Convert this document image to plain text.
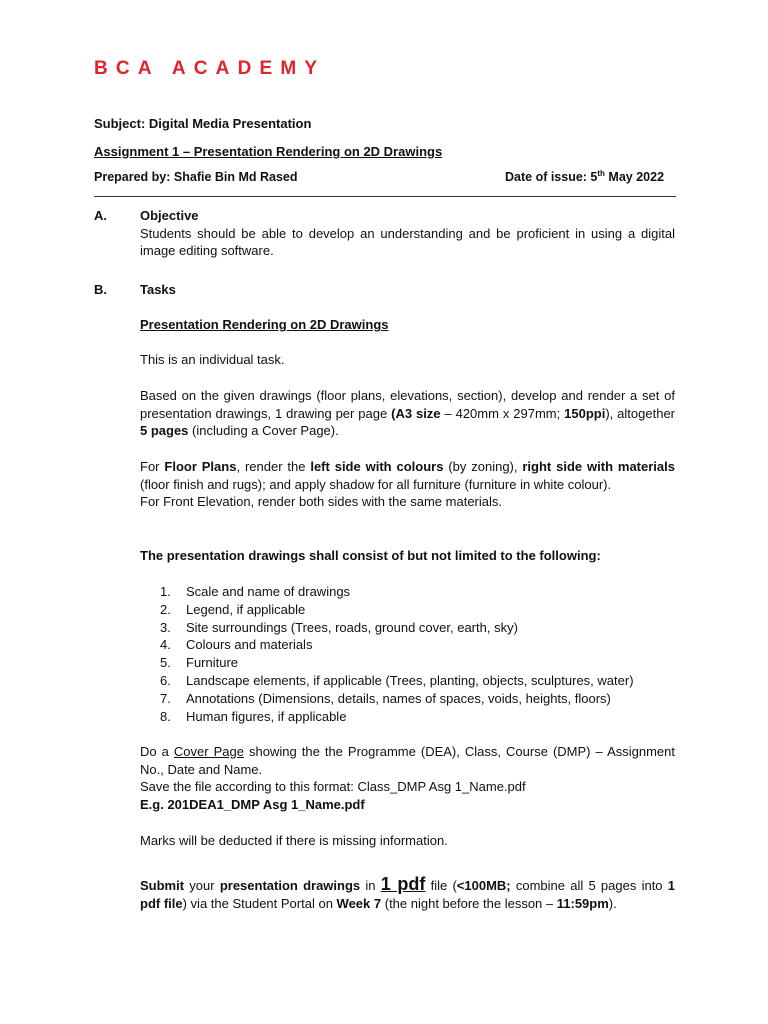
BCA ACADEMY
Subject: Digital Media Presentation
Assignment 1 – Presentation Rendering on 2D Drawings
Prepared by: Shafie Bin Md Rased	Date of issue: 5th May 2022
A.	Objective

Students should be able to develop an understanding and be proficient in using a digital image editing software.

B.	Tasks
Presentation Rendering on 2D Drawings
This is an individual task.

Based on the given drawings (floor plans, elevations, section), develop and render a set of presentation drawings, 1 drawing per page (A3 size – 420mm x 297mm; 150ppi), altogether 5 pages (including a Cover Page).

For Floor Plans, render the left side with colours (by zoning), right side with materials (floor finish and rugs); and apply shadow for all furniture (furniture in white colour).

For Front Elevation, render both sides with the same materials.

The presentation drawings shall consist of but not limited to the following:
1. Scale and name of drawings
2. Legend, if applicable
3. Site surroundings (Trees, roads, ground cover, earth, sky)
4. Colours and materials
5. Furniture
6. Landscape elements, if applicable (Trees, planting, objects, sculptures, water)
7. Annotations (Dimensions, details, names of spaces, voids, heights, floors)
8. Human figures, if applicable

Do a Cover Page showing the the Programme (DEA), Class, Course (DMP) – Assignment No., Date and Name.

Save the file according to this format: Class_DMP Asg 1_Name.pdf

E.g. 201DEA1_DMP Asg 1_Name.pdf

Marks will be deducted if there is missing information.

Submit your presentation drawings in 1 pdf file (<100MB; combine all 5 pages into 1 pdf file) via the Student Portal on Week 7 (the night before the lesson – 11:59pm).
